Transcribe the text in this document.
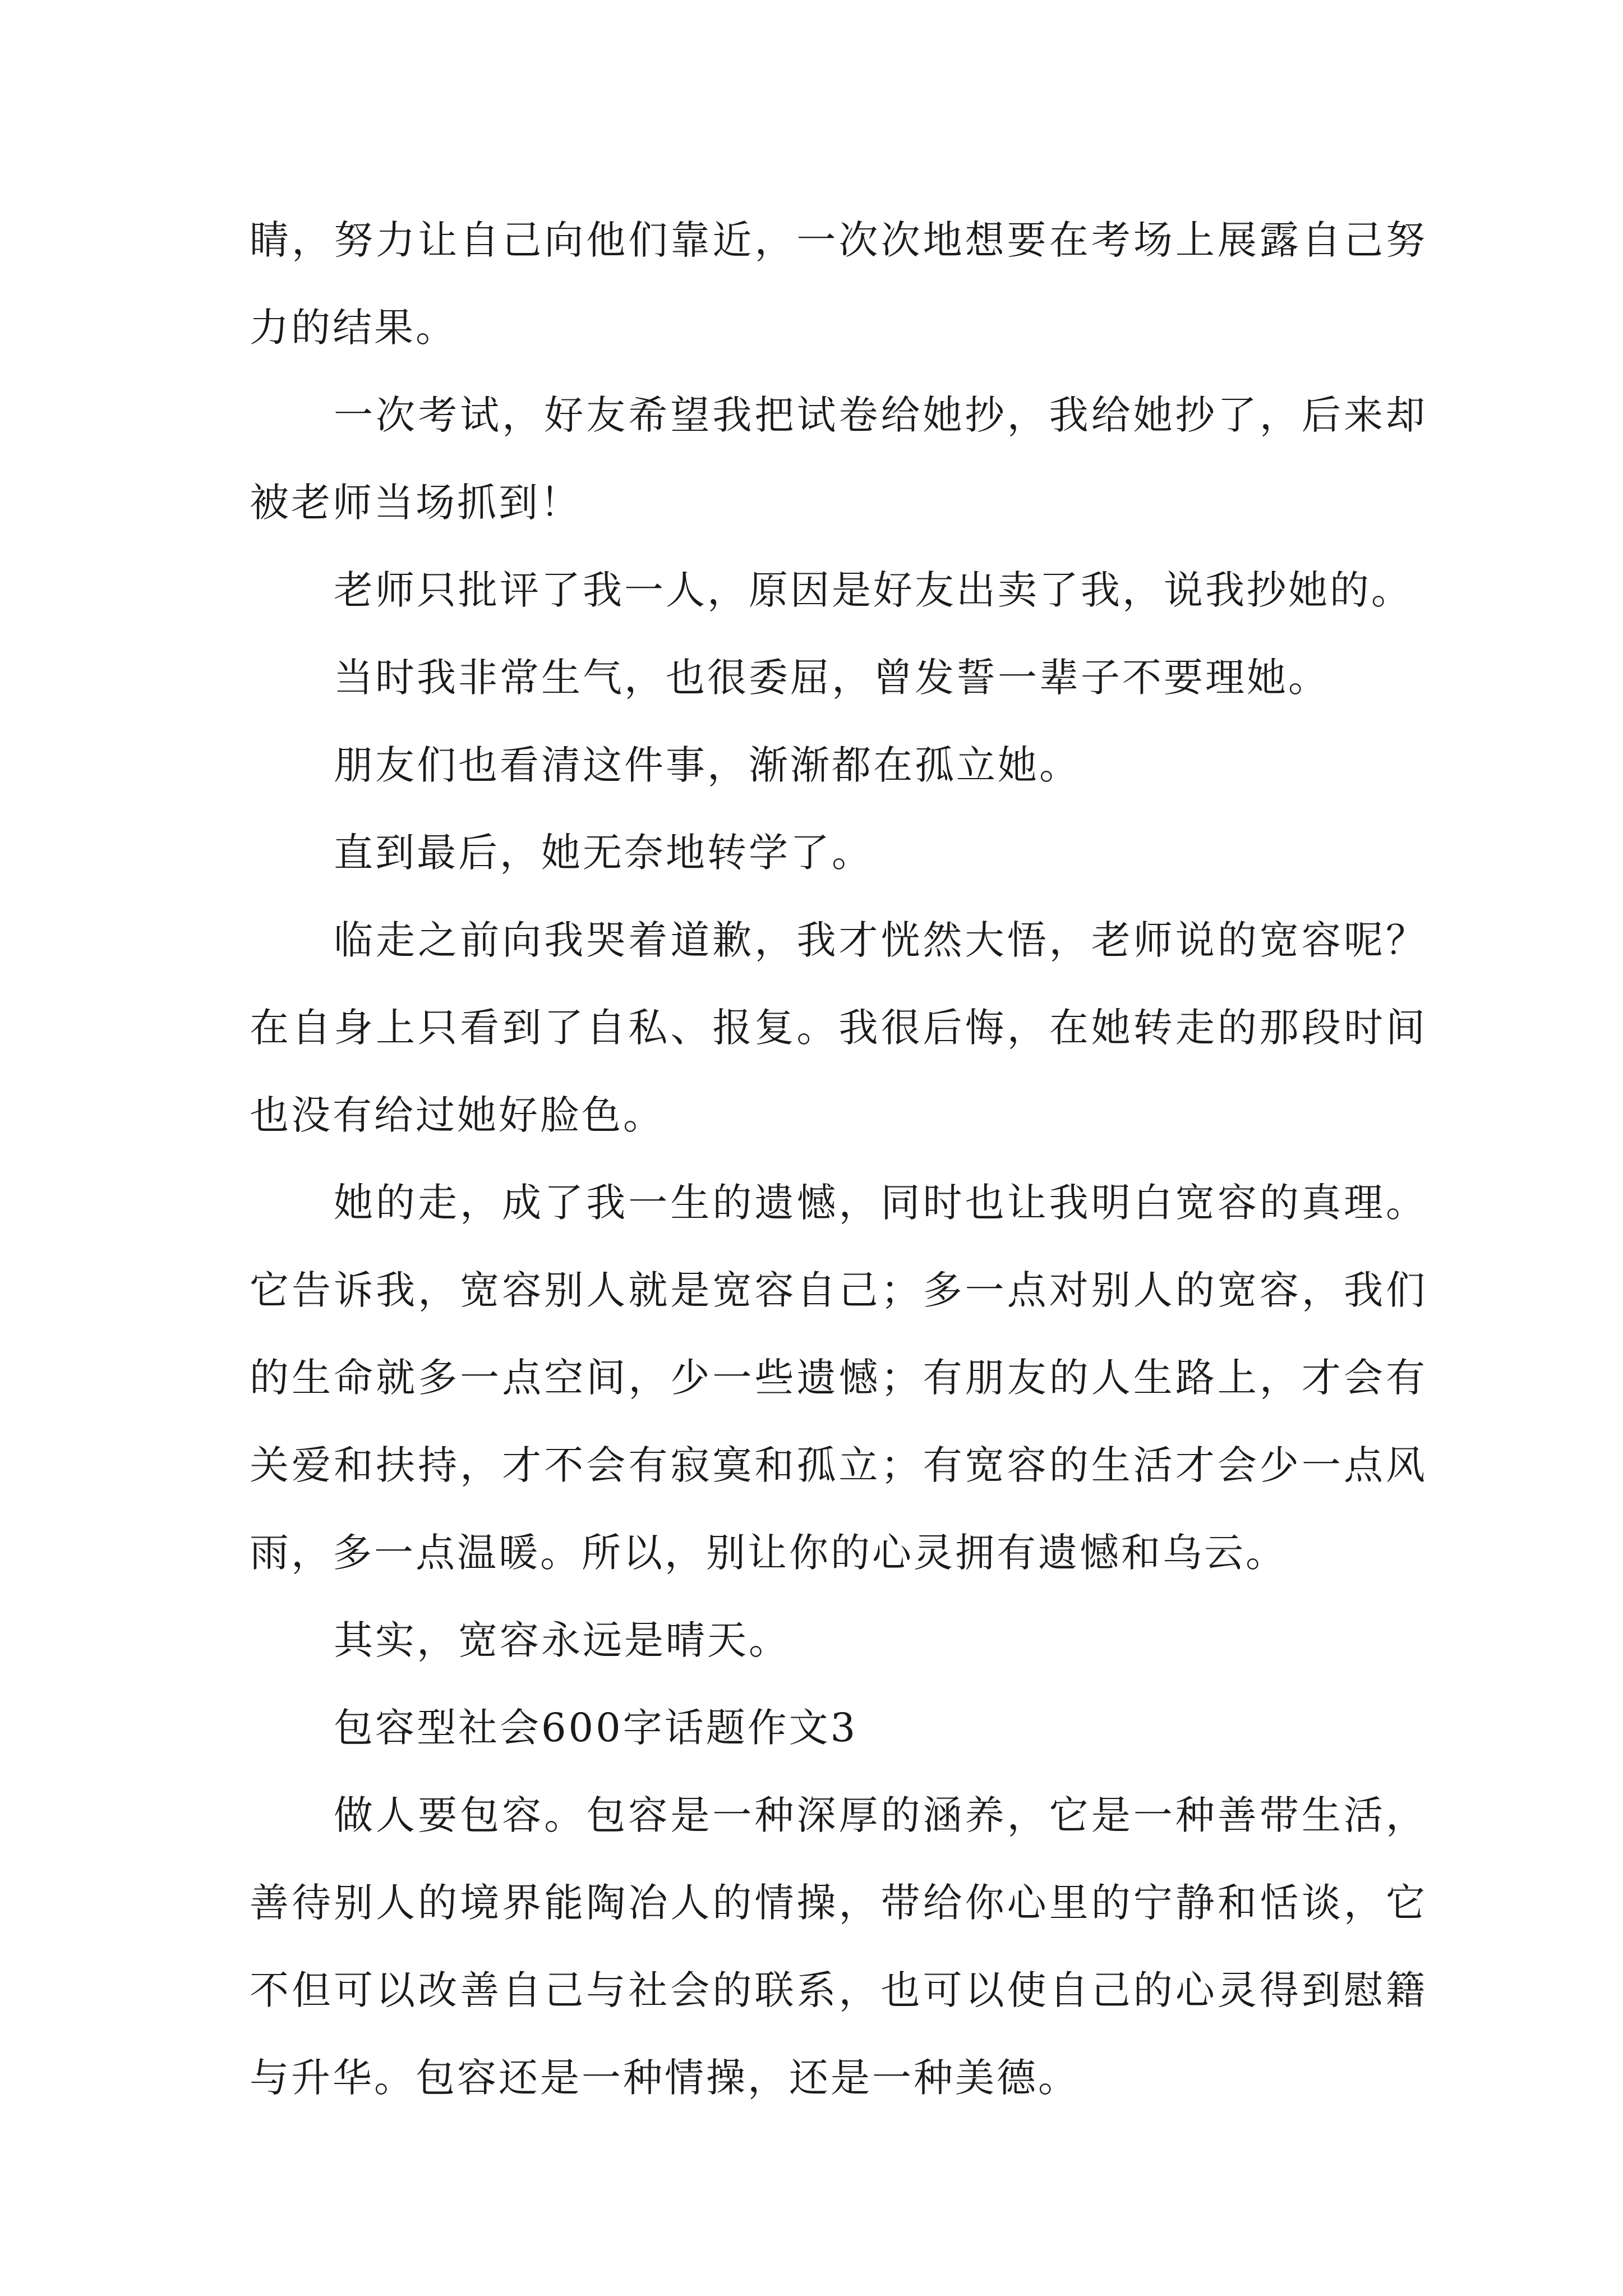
睛，努力让自己向他们靠近，一次次地想要在考场上展露自己努力的结果。

一次考试，好友希望我把试卷给她抄，我给她抄了，后来却被老师当场抓到！

老师只批评了我一人，原因是好友出卖了我，说我抄她的。

当时我非常生气，也很委屈，曾发誓一辈子不要理她。

朋友们也看清这件事，渐渐都在孤立她。

直到最后，她无奈地转学了。

临走之前向我哭着道歉，我才恍然大悟，老师说的宽容呢？在自身上只看到了自私、报复。我很后悔，在她转走的那段时间也没有给过她好脸色。

她的走，成了我一生的遗憾，同时也让我明白宽容的真理。它告诉我，宽容别人就是宽容自己；多一点对别人的宽容，我们的生命就多一点空间，少一些遗憾；有朋友的人生路上，才会有关爱和扶持，才不会有寂寞和孤立；有宽容的生活才会少一点风雨，多一点温暖。所以，别让你的心灵拥有遗憾和乌云。

其实，宽容永远是晴天。

包容型社会600字话题作文3

做人要包容。包容是一种深厚的涵养，它是一种善带生活，善待别人的境界能陶冶人的情操，带给你心里的宁静和恬谈，它不但可以改善自己与社会的联系，也可以使自己的心灵得到慰籍与升华。包容还是一种情操，还是一种美德。
